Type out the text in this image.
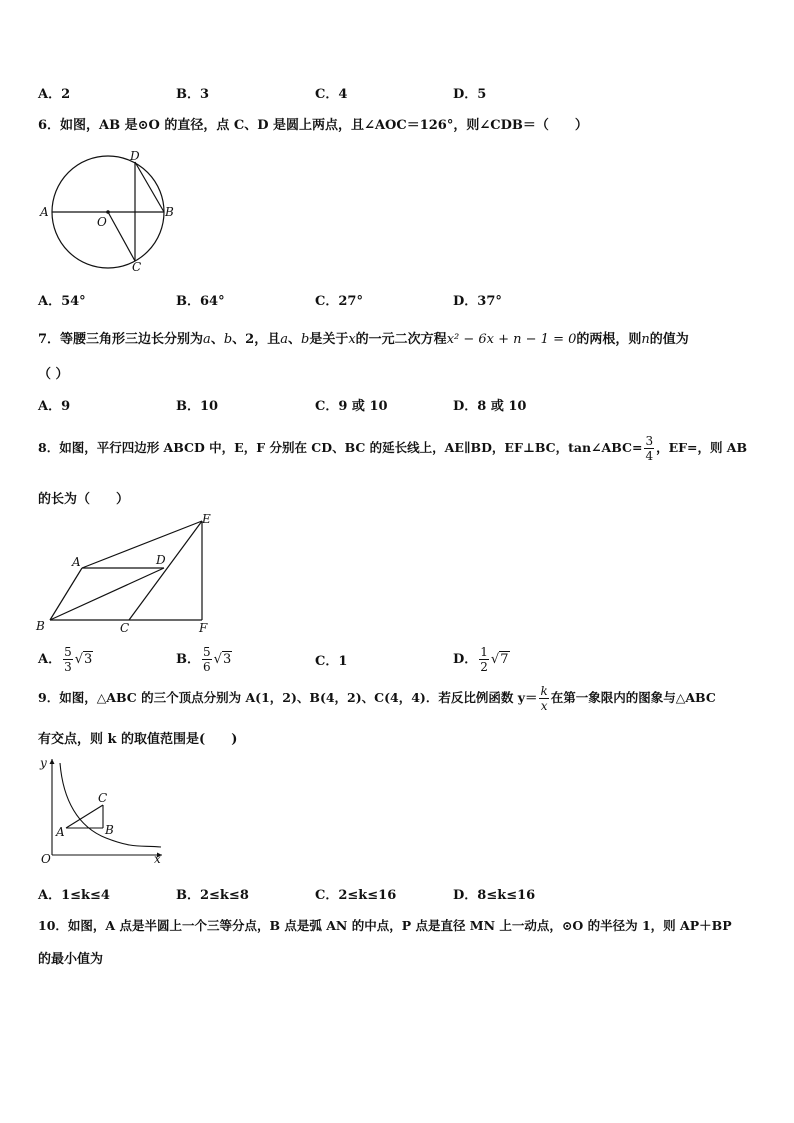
A．2	B．3	C．4	D．5
6．如图，AB 是⊙O 的直径，点 C、D 是圆上两点，且∠AOC＝126°，则∠CDB＝（　　）
D
A
O
B
C
A．54°	B．64°	C．27°	D．37°
7．等腰三角形三边长分别为a、b、2，且a、b是关于x的一元二次方程x² − 6x + n − 1 = 0的两根，则n的值为
（ ）
A．9	B．10	C．9 或 10	D．8 或 10
8．如图，平行四边形 ABCD 中，E，F 分别在 CD、BC 的延长线上，AE∥BD，EF⊥BC，tan∠ABC= $\frac{3}{4}$ ，EF=，则 AB
的长为（　　）
E
A	D
B	C	F
A． $\frac{5}{3} √3$	B． $\frac{5}{6} √3$	C．1	D． $\frac{1}{2} √7$
9．如图，△ABC 的三个顶点分别为 A(1，2)、B(4，2)、C(4，4)．若反比例函数 $y= \frac{k}{x}$ 在第一象限内的图象与△ABC
有交点，则 k 的取值范围是(　　)
y
C
A	B
O	x
A．1≤k≤4	B．2≤k≤8	C．2≤k≤16	D．8≤k≤16
10．如图，A 点是半圆上一个三等分点，B 点是弧 AN 的中点，P 点是直径 MN 上一动点，⊙O 的半径为 1，则 AP＋BP
的最小值为
